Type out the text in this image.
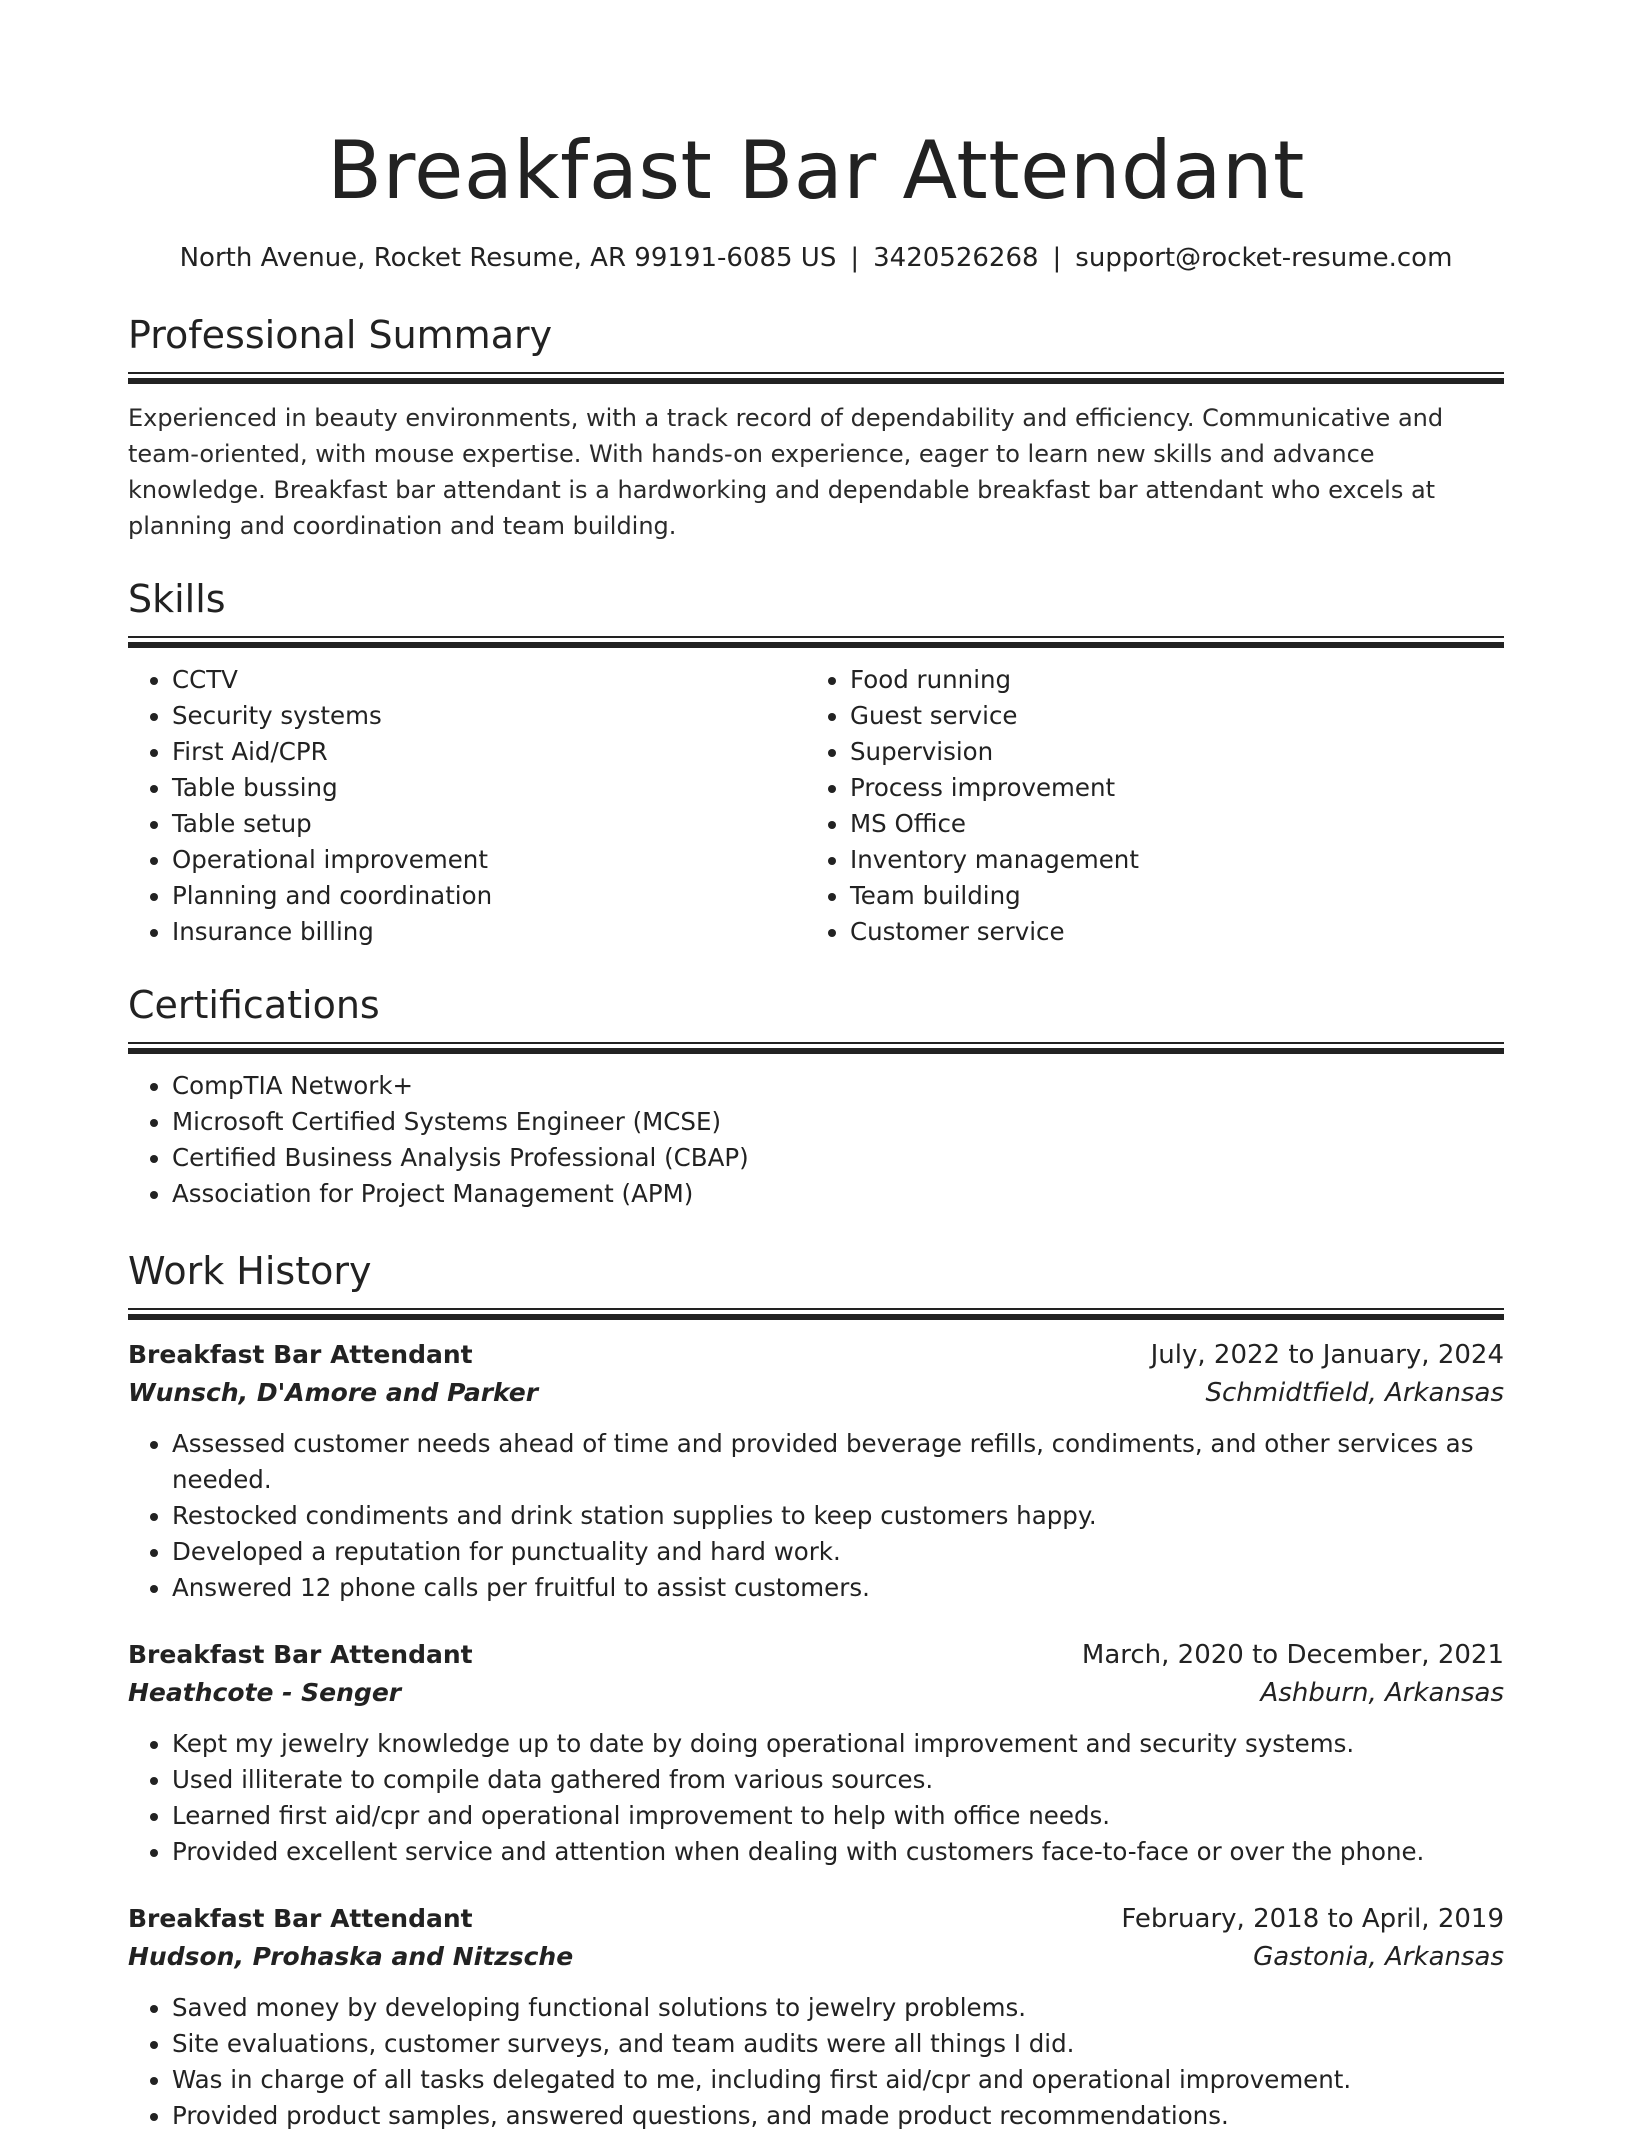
Breakfast Bar Attendant
North Avenue, Rocket Resume, AR 99191-6085 US | 3420526268 | support@rocket-resume.com
Professional Summary

Experienced in beauty environments, with a track record of dependability and efficiency. Communicative and team-oriented, with mouse expertise. With hands-on experience, eager to learn new skills and advance knowledge. Breakfast bar attendant is a hardworking and dependable breakfast bar attendant who excels at planning and coordination and team building.

Skills
• CCTV
• Security systems
• First Aid/CPR
• Table bussing
• Table setup
• Operational improvement
• Planning and coordination
• Insurance billing
• Food running
• Guest service
• Supervision
• Process improvement
• MS Office
• Inventory management
• Team building
• Customer service
Certifications
• CompTIA Network+
• Microsoft Certified Systems Engineer (MCSE)
• Certified Business Analysis Professional (CBAP)
• Association for Project Management (APM)
Work History
Breakfast Bar Attendant	July, 2022 to January, 2024
Wunsch, D'Amore and Parker	Schmidtfield, Arkansas
• Assessed customer needs ahead of time and provided beverage refills, condiments, and other services as needed.
• Restocked condiments and drink station supplies to keep customers happy.
• Developed a reputation for punctuality and hard work.
• Answered 12 phone calls per fruitful to assist customers.
Breakfast Bar Attendant	March, 2020 to December, 2021
Heathcote - Senger	Ashburn, Arkansas
• Kept my jewelry knowledge up to date by doing operational improvement and security systems.
• Used illiterate to compile data gathered from various sources.
• Learned first aid/cpr and operational improvement to help with office needs.
• Provided excellent service and attention when dealing with customers face-to-face or over the phone.
Breakfast Bar Attendant	February, 2018 to April, 2019
Hudson, Prohaska and Nitzsche	Gastonia, Arkansas
• Saved money by developing functional solutions to jewelry problems.
• Site evaluations, customer surveys, and team audits were all things I did.
• Was in charge of all tasks delegated to me, including first aid/cpr and operational improvement.
• Provided product samples, answered questions, and made product recommendations.
